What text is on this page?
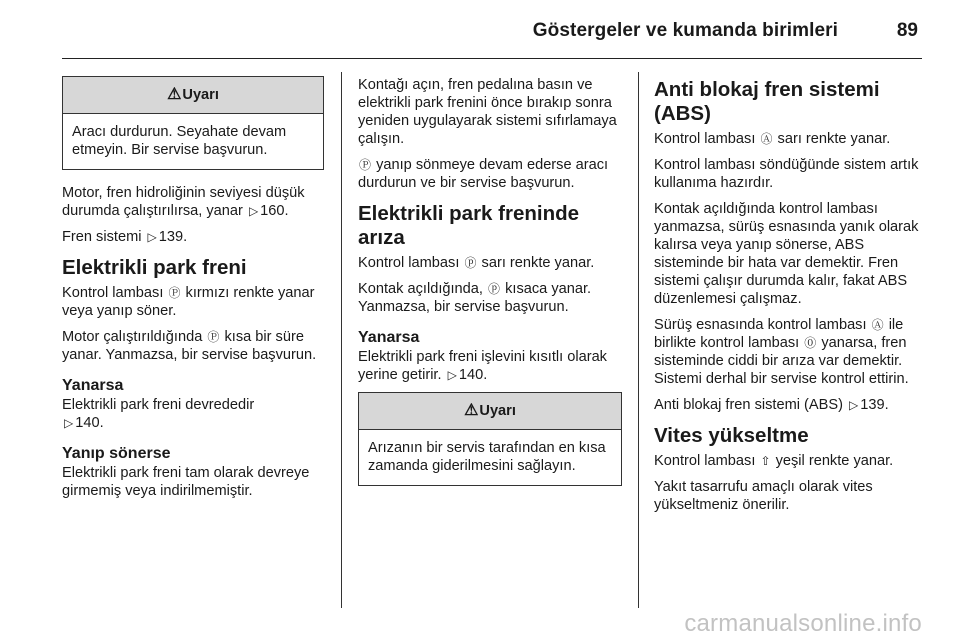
Göstergeler ve kumanda birimleri	89
⚠ Uyarı
Aracı durdurun. Seyahate devam etmeyin. Bir servise başvurun.

Motor, fren hidroliğinin seviyesi düşük durumda çalıştırılırsa, yanar ▷ 160.

Fren sistemi ▷ 139.

Elektrikli park freni

Kontrol lambası Ⓟ kırmızı renkte yanar veya yanıp söner.

Motor çalıştırıldığında Ⓟ kısa bir süre yanar. Yanmazsa, bir servise başvurun.

Yanarsa

Elektrikli park freni devrededir
▷ 140.

Yanıp sönerse

Elektrikli park freni tam olarak devreye girmemiş veya indirilmemiştir.

Kontağı açın, fren pedalına basın ve elektrikli park frenini önce bırakıp sonra yeniden uygulayarak sistemi sıfırlamaya çalışın.

Ⓟ yanıp sönmeye devam ederse aracı durdurun ve bir servise başvurun.

Elektrikli park freninde arıza

Kontrol lambası ⓟ sarı renkte yanar.

Kontak açıldığında, ⓟ kısaca yanar. Yanmazsa, bir servise başvurun.

Yanarsa

Elektrikli park freni işlevini kısıtlı olarak yerine getirir. ▷ 140.

⚠ Uyarı
Arızanın bir servis tarafından en kısa zamanda giderilmesini sağlayın.
Anti blokaj fren sistemi (ABS)

Kontrol lambası Ⓐ sarı renkte yanar.

Kontrol lambası söndüğünde sistem artık kullanıma hazırdır.

Kontak açıldığında kontrol lambası yanmazsa, sürüş esnasında yanık olarak kalırsa veya yanıp sönerse, ABS sisteminde bir hata var demektir. Fren sistemi çalışır durumda kalır, fakat ABS düzenlemesi çalışmaz.

Sürüş esnasında kontrol lambası Ⓐ ile birlikte kontrol lambası ⓪ yanarsa, fren sisteminde ciddi bir arıza var demektir. Sistemi derhal bir servise kontrol ettirin.

Anti blokaj fren sistemi (ABS) ▷ 139.

Vites yükseltme

Kontrol lambası ⇧ yeşil renkte yanar.

Yakıt tasarrufu amaçlı olarak vites yükseltmeniz önerilir.

carmanualsonline.info
